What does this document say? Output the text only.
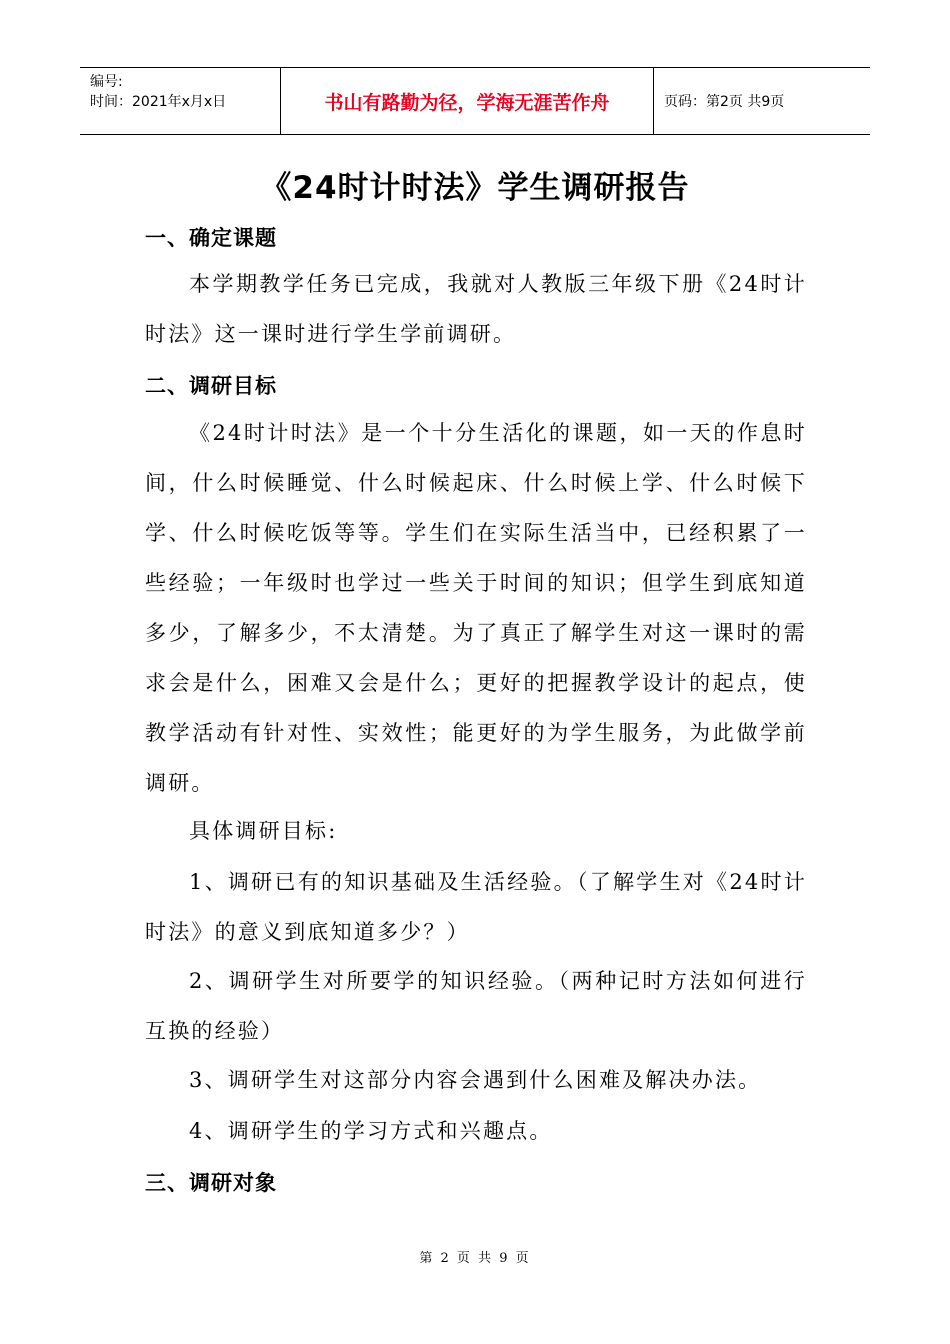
编号:
时间：2021年x月x日	书山有路勤为径，学海无涯苦作舟	页码：第2页 共9页
《24时计时法》学生调研报告
一、确定课题

本学期教学任务已完成，我就对人教版三年级下册《24时计时法》这一课时进行学生学前调研。

二、调研目标

《24时计时法》是一个十分生活化的课题，如一天的作息时间，什么时候睡觉、什么时候起床、什么时候上学、什么时候下学、什么时候吃饭等等。学生们在实际生活当中，已经积累了一些经验；一年级时也学过一些关于时间的知识；但学生到底知道多少，了解多少，不太清楚。为了真正了解学生对这一课时的需求会是什么，困难又会是什么；更好的把握教学设计的起点，使教学活动有针对性、实效性；能更好的为学生服务，为此做学前调研。

具体调研目标:

1、调研已有的知识基础及生活经验。（了解学生对《24时计时法》的意义到底知道多少？）

2、调研学生对所要学的知识经验。（两种记时方法如何进行互换的经验）

3、调研学生对这部分内容会遇到什么困难及解决办法。

4、调研学生的学习方式和兴趣点。

三、调研对象
第 2 页 共 9 页
